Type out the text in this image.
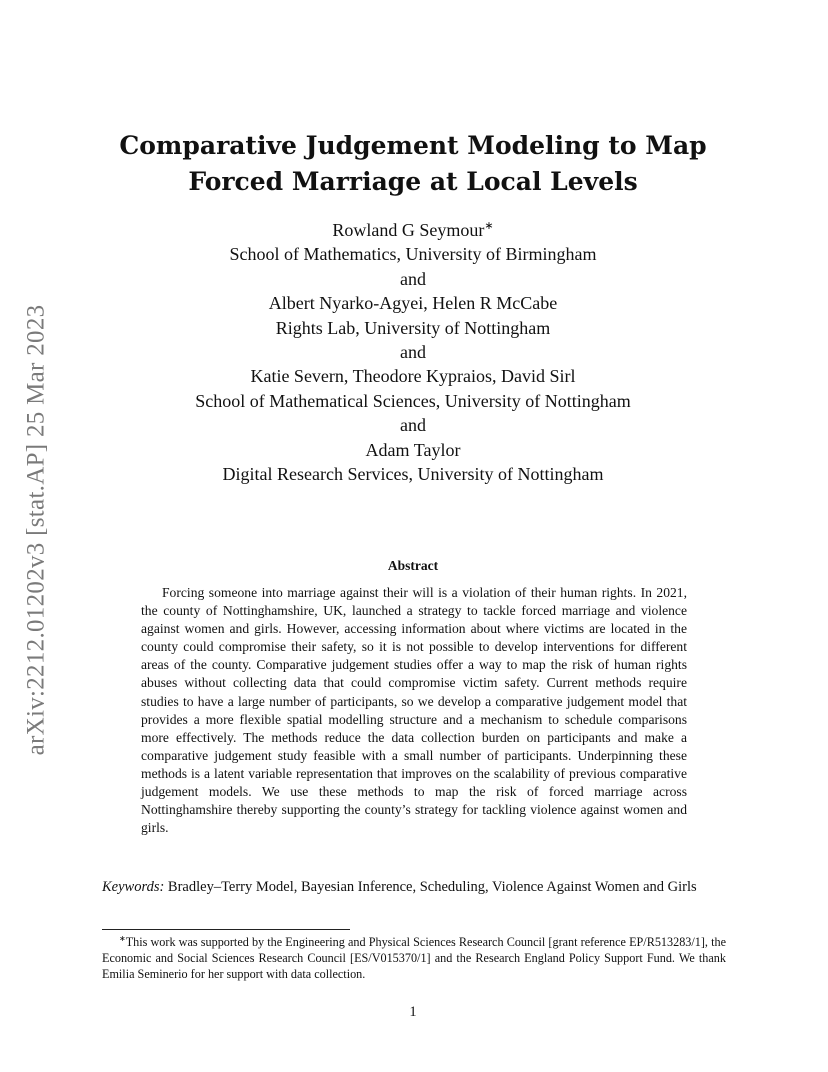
arXiv:2212.01202v3 [stat.AP] 25 Mar 2023
Comparative Judgement Modeling to Map
Forced Marriage at Local Levels
Rowland G Seymour∗
School of Mathematics, University of Birmingham
and
Albert Nyarko-Agyei, Helen R McCabe
Rights Lab, University of Nottingham
and
Katie Severn, Theodore Kypraios, David Sirl
School of Mathematical Sciences, University of Nottingham
and
Adam Taylor
Digital Research Services, University of Nottingham
Abstract
Forcing someone into marriage against their will is a violation of their human rights. In 2021, the county of Nottinghamshire, UK, launched a strategy to tackle forced marriage and violence against women and girls. However, accessing information about where victims are located in the county could compromise their safety, so it is not possible to develop interventions for different areas of the county. Comparative judgement studies offer a way to map the risk of human rights abuses without collecting data that could compromise victim safety. Current methods require studies to have a large number of participants, so we develop a comparative judgement model that provides a more flexible spatial modelling structure and a mechanism to schedule comparisons more effectively. The methods reduce the data collection burden on participants and make a comparative judgement study feasible with a small number of participants. Underpinning these methods is a latent variable representation that improves on the scalability of previous comparative judgement models. We use these methods to map the risk of forced marriage across Nottinghamshire thereby supporting the county’s strategy for tackling violence against women and girls.
Keywords: Bradley–Terry Model, Bayesian Inference, Scheduling, Violence Against Women and Girls
∗This work was supported by the Engineering and Physical Sciences Research Council [grant reference EP/R513283/1], the Economic and Social Sciences Research Council [ES/V015370/1] and the Research England Policy Support Fund. We thank Emilia Seminerio for her support with data collection.
1
